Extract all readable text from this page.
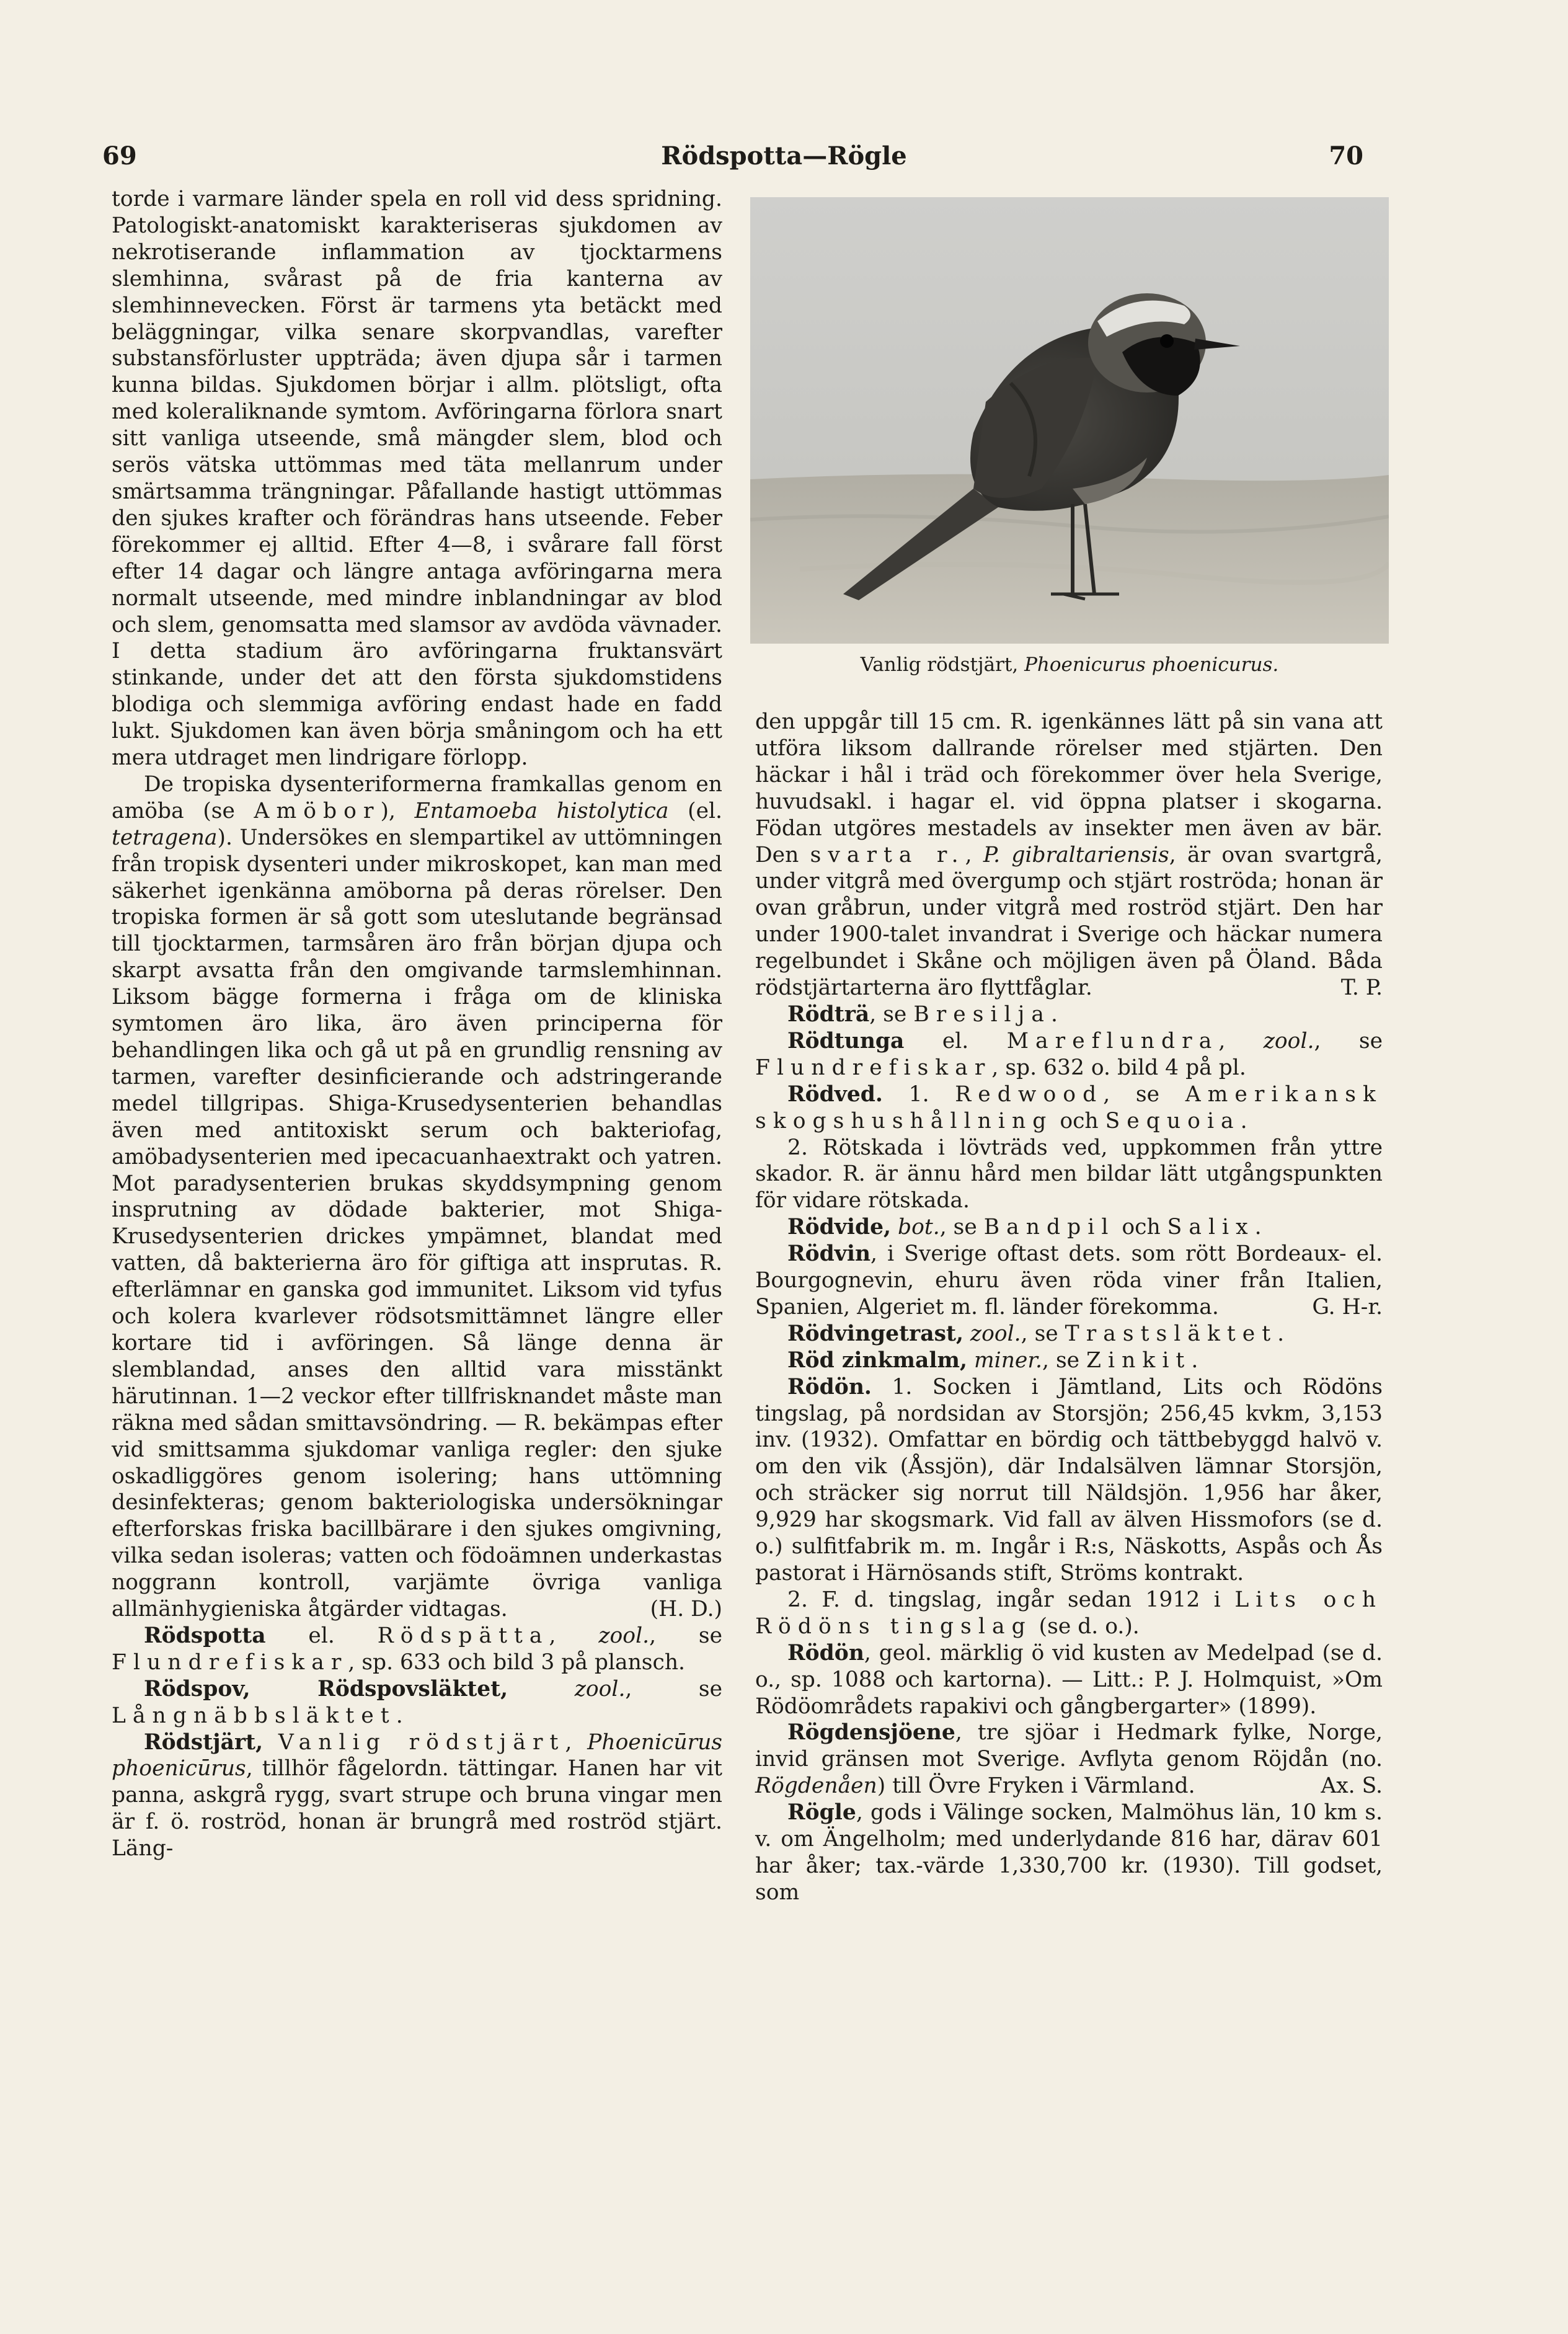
69	Rödspotta—Rögle	70

torde i varmare länder spela en roll vid dess spridning. Patologiskt-anatomiskt karakteriseras sjukdomen av nekrotiserande inflammation av tjocktarmens slemhinna, svårast på de fria kanterna av slemhinnevecken. Först är tarmens yta betäckt med beläggningar, vilka senare skorpvandlas, varefter substansförluster uppträda; även djupa sår i tarmen kunna bildas. Sjukdomen börjar i allm. plötsligt, ofta med koleraliknande symtom. Avföringarna förlora snart sitt vanliga utseende, små mängder slem, blod och serös vätska uttömmas med täta mellanrum under smärtsamma trängningar. Påfallande hastigt uttömmas den sjukes krafter och förändras hans utseende. Feber förekommer ej alltid. Efter 4—8, i svårare fall först efter 14 dagar och längre antaga avföringarna mera normalt utseende, med mindre inblandningar av blod och slem, genomsatta med slamsor av avdöda vävnader. I detta stadium äro avföringarna fruktansvärt stinkande, under det att den första sjukdomstidens blodiga och slemmiga avföring endast hade en fadd lukt. Sjukdomen kan även börja småningom och ha ett mera utdraget men lindrigare förlopp.

De tropiska dysenteriformerna framkallas genom en amöba (se Amöbor), Entamoeba histolytica (el. tetragena). Undersökes en slempartikel av uttömningen från tropisk dysenteri under mikroskopet, kan man med säkerhet igenkänna amöborna på deras rörelser. Den tropiska formen är så gott som uteslutande begränsad till tjocktarmen, tarmsåren äro från början djupa och skarpt avsatta från den omgivande tarmslemhinnan. Liksom bägge formerna i fråga om de kliniska symtomen äro lika, äro även principerna för behandlingen lika och gå ut på en grundlig rensning av tarmen, varefter desinficierande och adstringerande medel tillgripas. Shiga-Krusedysenterien behandlas även med antitoxiskt serum och bakteriofag, amöbadysenterien med ipecacuanhaextrakt och yatren. Mot paradysenterien brukas skyddsympning genom insprutning av dödade bakterier, mot Shiga-Krusedysenterien drickes ympämnet, blandat med vatten, då bakterierna äro för giftiga att insprutas. R. efterlämnar en ganska god immunitet. Liksom vid tyfus och kolera kvarlever rödsotsmittämnet längre eller kortare tid i avföringen. Så länge denna är slemblandad, anses den alltid vara misstänkt härutinnan. 1—2 veckor efter tillfrisknandet måste man räkna med sådan smittavsöndring. — R. bekämpas efter vid smittsamma sjukdomar vanliga regler: den sjuke oskadliggöres genom isolering; hans uttömning desinfekteras; genom bakteriologiska undersökningar efterforskas friska bacillbärare i den sjukes omgivning, vilka sedan isoleras; vatten och födoämnen underkastas noggrann kontroll, varjämte övriga vanliga allmänhygieniska åtgärder vidtagas.	(H. D.)

Rödspotta el. Rödspätta, zool., se Flundrefiskar, sp. 633 och bild 3 på plansch.

Rödspov, Rödspovsläktet,	zool., se Långnäbbsläktet.

Rödstjärt, Vanlig rödstjärt, Phoenicūrus phoenicūrus, tillhör fågelordn. tättingar. Hanen har vit panna, askgrå rygg, svart strupe och bruna vingar men är f. ö. roströd, honan är brungrå med roströd stjärt. Läng-

Vanlig rödstjärt, Phoenicurus phoenicurus.

den uppgår till 15 cm. R. igenkännes lätt på sin vana att utföra liksom dallrande rörelser med stjärten. Den häckar i hål i träd och förekommer över hela Sverige, huvudsakl. i hagar el. vid öppna platser i skogarna. Födan utgöres mestadels av insekter men även av bär. Den svarta r., P. gibraltariensis, är ovan svartgrå, under vitgrå med övergump och stjärt roströda; honan är ovan gråbrun, under vitgrå med roströd stjärt. Den har under 1900-talet invandrat i Sverige och häckar numera regelbundet i Skåne och möjligen även på Öland. Båda rödstjärtarterna äro flyttfåglar.	T. P.

Rödträ, se Bresilja.

Rödtunga el. Mareflundra, zool., se Flundrefiskar, sp. 632 o. bild 4 på pl.

Rödved. 1. Redwood, se Amerikansk skogshushållning och Sequoia.

2. Rötskada i lövträds ved, uppkommen från yttre skador. R. är ännu hård men bildar lätt utgångspunkten för vidare rötskada.

Rödvide, bot., se Bandpil och Salix.

Rödvin, i Sverige oftast dets. som rött Bordeaux- el. Bourgognevin, ehuru även röda viner från Italien, Spanien, Algeriet m. fl. länder förekomma.	G. H-r.

Rödvingetrast, zool., se Trastsläktet.

Röd zinkmalm, miner., se Zinkit.

Rödön. 1. Socken i Jämtland, Lits och Rödöns tingslag, på nordsidan av Storsjön; 256,45 kvkm, 3,153 inv. (1932). Omfattar en bördig och tättbebyggd halvö v. om den vik (Åssjön), där Indalsälven lämnar Storsjön, och sträcker sig norrut till Näldsjön. 1,956 har åker, 9,929 har skogsmark. Vid fall av älven Hissmofors (se d. o.) sulfitfabrik m. m. Ingår i R:s, Näskotts, Aspås och Ås pastorat i Härnösands stift, Ströms kontrakt.

2. F. d. tingslag, ingår sedan 1912 i Lits och Rödöns tingslag (se d. o.).

Rödön, geol. märklig ö vid kusten av Medelpad (se d. o., sp. 1088 och kartorna). — Litt.: P. J. Holmquist, »Om Rödöområdets rapakivi och gångbergarter» (1899).

Rögdensjöene, tre sjöar i Hedmark fylke, Norge, invid gränsen mot Sverige. Avflyta genom Röjdån (no. Rögdenåen) till Övre Fryken i Värmland.	Ax. S.

Rögle, gods i Välinge socken, Malmöhus län, 10 km s. v. om Ängelholm; med underlydande 816 har, därav 601 har åker; tax.-värde 1,330,700 kr. (1930). Till godset, som
